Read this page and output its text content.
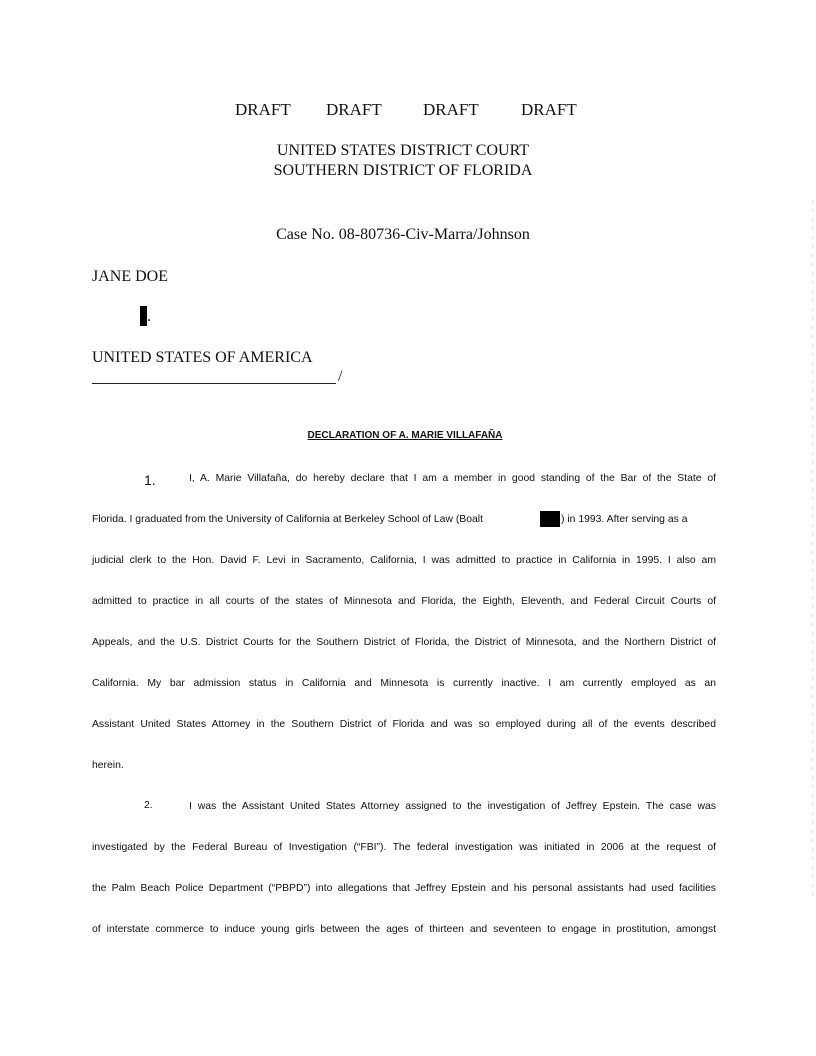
DRAFT DRAFT DRAFT DRAFT
UNITED STATES DISTRICT COURT
SOUTHERN DISTRICT OF FLORIDA
Case No. 08-80736-Civ-Marra/Johnson
JANE DOE
.
UNITED STATES OF AMERICA
/
DECLARATION OF A. MARIE VILLAFAÑA
1.	I, A. Marie Villafaña, do hereby declare that I am a member in good standing of the Bar of the State of
Florida. I graduated from the University of California at Berkeley School of Law (Boalt	) in 1993. After serving as a
judicial clerk to the Hon. David F. Levi in Sacramento, California, I was admitted to practice in California in 1995. I also am
admitted to practice in all courts of the states of Minnesota and Florida, the Eighth, Eleventh, and Federal Circuit Courts of
Appeals, and the U.S. District Courts for the Southern District of Florida, the District of Minnesota, and the Northern District of
California. My bar admission status in California and Minnesota is currently inactive. I am currently employed as an
Assistant United States Attorney in the Southern District of Florida and was so employed during all of the events described
herein.
2.	I was the Assistant United States Attorney assigned to the investigation of Jeffrey Epstein. The case was
investigated by the Federal Bureau of Investigation (“FBI”). The federal investigation was initiated in 2006 at the request of
the Palm Beach Police Department (“PBPD”) into allegations that Jeffrey Epstein and his personal assistants had used facilities
of interstate commerce to induce young girls between the ages of thirteen and seventeen to engage in prostitution, amongst
